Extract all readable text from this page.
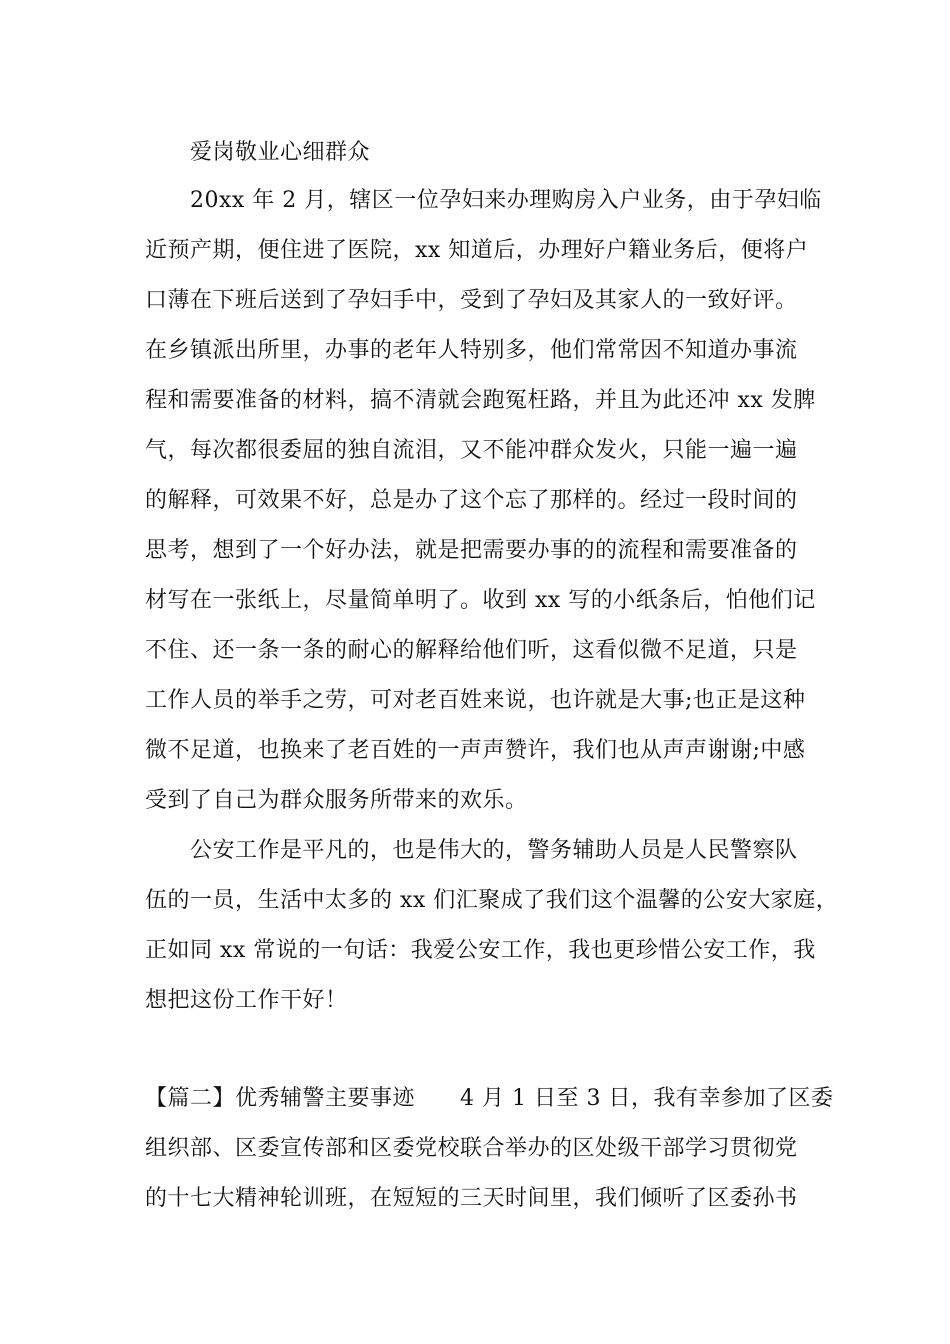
爱岗敬业心细群众
20xx 年 2 月，辖区一位孕妇来办理购房入户业务，由于孕妇临
近预产期，便住进了医院，xx 知道后，办理好户籍业务后，便将户
口薄在下班后送到了孕妇手中，受到了孕妇及其家人的一致好评。
在乡镇派出所里，办事的老年人特别多，他们常常因不知道办事流
程和需要准备的材料，搞不清就会跑冤枉路，并且为此还冲 xx 发脾
气，每次都很委屈的独自流泪，又不能冲群众发火，只能一遍一遍
的解释，可效果不好，总是办了这个忘了那样的。经过一段时间的
思考，想到了一个好办法，就是把需要办事的的流程和需要准备的
材写在一张纸上，尽量简单明了。收到 xx 写的小纸条后，怕他们记
不住、还一条一条的耐心的解释给他们听，这看似微不足道，只是
工作人员的举手之劳，可对老百姓来说，也许就是大事;也正是这种
微不足道，也换来了老百姓的一声声赞许，我们也从声声谢谢;中感
受到了自己为群众服务所带来的欢乐。
公安工作是平凡的，也是伟大的，警务辅助人员是人民警察队
伍的一员，生活中太多的 xx 们汇聚成了我们这个温馨的公安大家庭，
正如同 xx 常说的一句话：我爱公安工作，我也更珍惜公安工作，我
想把这份工作干好！
【篇二】优秀辅警主要事迹　　4 月 1 日至 3 日，我有幸参加了区委
组织部、区委宣传部和区委党校联合举办的区处级干部学习贯彻党
的十七大精神轮训班，在短短的三天时间里，我们倾听了区委孙书
